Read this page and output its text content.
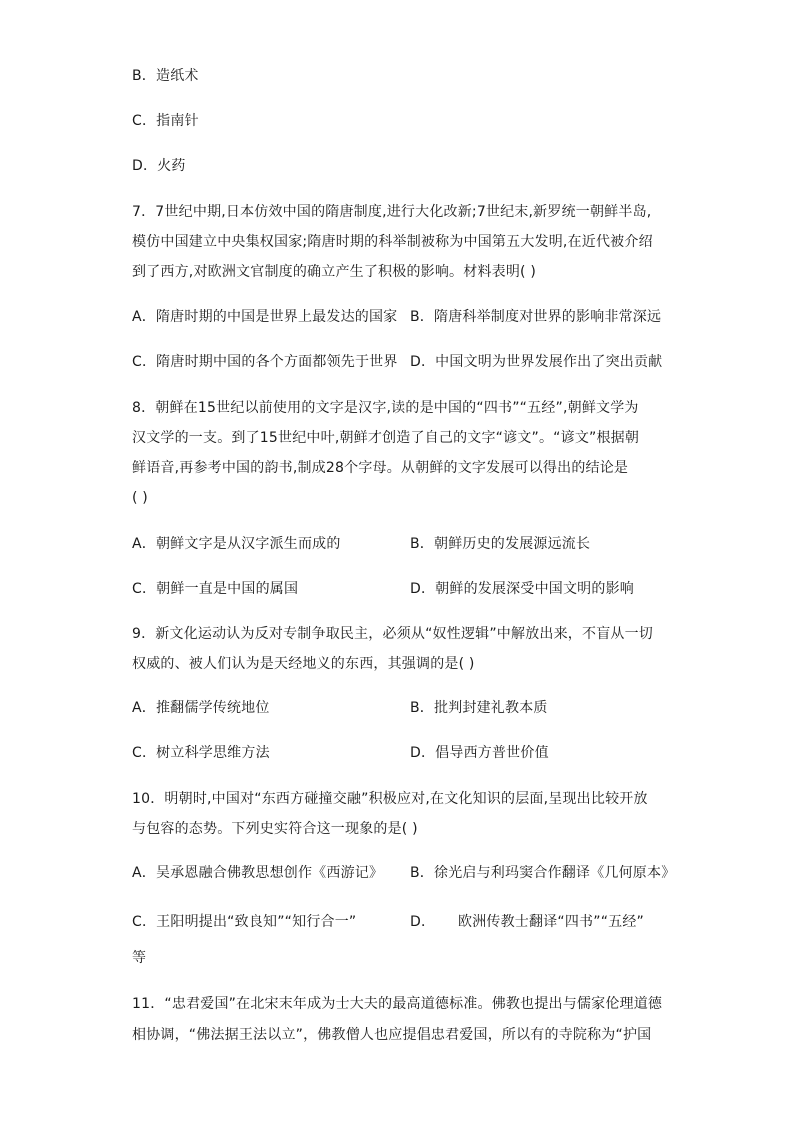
B．造纸术
C．指南针
D．火药
7．7世纪中期,日本仿效中国的隋唐制度,进行大化改新;7世纪末,新罗统一朝鲜半岛,
模仿中国建立中央集权国家;隋唐时期的科举制被称为中国第五大发明,在近代被介绍
到了西方,对欧洲文官制度的确立产生了积极的影响。材料表明( )
A．隋唐时期的中国是世界上最发达的国家 B．隋唐科举制度对世界的影响非常深远
C．隋唐时期中国的各个方面都领先于世界 D．中国文明为世界发展作出了突出贡献
8．朝鲜在15世纪以前使用的文字是汉字,读的是中国的“四书”“五经”,朝鲜文学为
汉文学的一支。到了15世纪中叶,朝鲜才创造了自己的文字“谚文”。“谚文”根据朝
鲜语音,再参考中国的韵书,制成28个字母。从朝鲜的文字发展可以得出的结论是
( )
A．朝鲜文字是从汉字派生而成的	B．朝鲜历史的发展源远流长
C．朝鲜一直是中国的属国	D．朝鲜的发展深受中国文明的影响
9．新文化运动认为反对专制争取民主，必须从“奴性逻辑”中解放出来，不盲从一切
权威的、被人们认为是天经地义的东西，其强调的是( )
A．推翻儒学传统地位	B．批判封建礼教本质
C．树立科学思维方法	D．倡导西方普世价值
10．明朝时,中国对“东西方碰撞交融”积极应对,在文化知识的层面,呈现出比较开放
与包容的态势。下列史实符合这一现象的是( )
A．吴承恩融合佛教思想创作《西游记》 B．徐光启与利玛窦合作翻译《几何原本》
C．王阳明提出“致良知”“知行合一”	D． 欧洲传教士翻译“四书”“五经”
等
11．“忠君爱国”在北宋末年成为士大夫的最高道德标准。佛教也提出与儒家伦理道德
相协调，“佛法据王法以立”，佛教僧人也应提倡忠君爱国，所以有的寺院称为“护国
